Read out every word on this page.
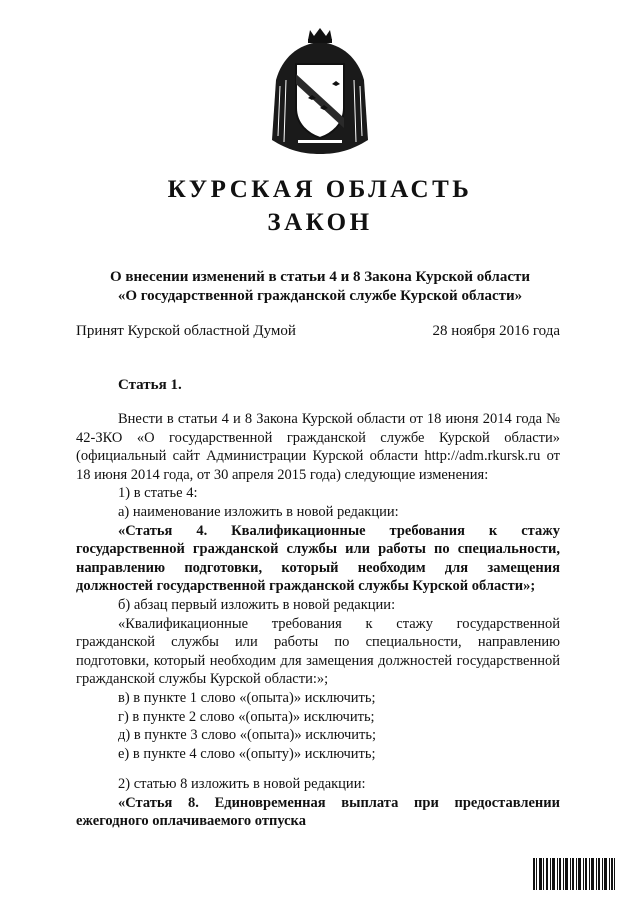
КУРСКАЯ ОБЛАСТЬ
ЗАКОН
О внесении изменений в статьи 4 и 8 Закона Курской области
«О государственной гражданской службе Курской области»
Принят Курской областной Думой	28 ноября 2016 года
Статья 1.

Внести в статьи 4 и 8 Закона Курской области от 18 июня 2014 года № 42-ЗКО «О государственной гражданской службе Курской области» (официальный сайт Администрации Курской области http://adm.rkursk.ru от 18 июня 2014 года, от 30 апреля 2015 года) следующие изменения:

1) в статье 4:

а) наименование изложить в новой редакции:

«Статья 4. Квалификационные требования к стажу государственной гражданской службы или работы по специальности, направлению подготовки, который необходим для замещения должностей государственной гражданской службы Курской области»;

б) абзац первый изложить в новой редакции:

«Квалификационные требования к стажу государственной гражданской службы или работы по специальности, направлению подготовки, который необходим для замещения должностей государственной гражданской службы Курской области:»;

в) в пункте 1 слово «(опыта)» исключить;

г) в пункте 2 слово «(опыта)» исключить;

д) в пункте 3 слово «(опыта)» исключить;

е) в пункте 4 слово «(опыту)» исключить;

2) статью 8 изложить в новой редакции:

«Статья 8. Единовременная выплата при предоставлении ежегодного оплачиваемого отпуска
